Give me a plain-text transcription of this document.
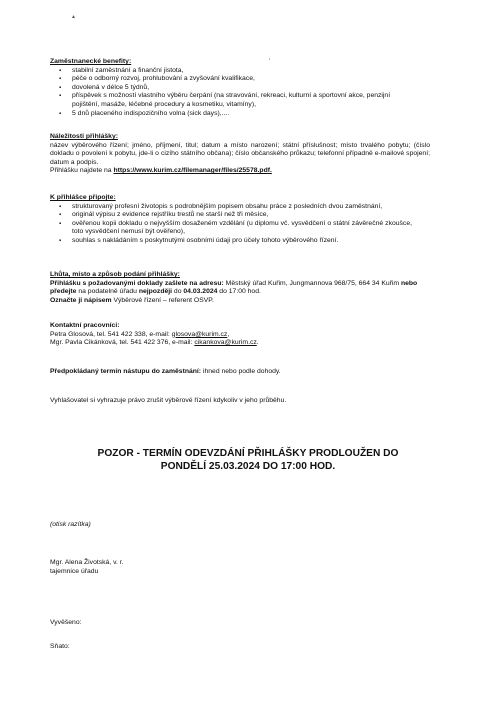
▲
Zaměstnanecké benefity:
▪ stabilní zaměstnání a finanční jistota,
▪ péče o odborný rozvoj, prohlubování a zvyšování kvalifikace,
▪ dovolená v délce 5 týdnů,
▪ příspěvek s možností vlastního výběru čerpání (na stravování, rekreaci, kulturní a sportovní akce, penzijní pojištění, masáže, léčebné procedury a kosmetiku, vitamíny),
▪ 5 dnů placeného indispozičního volna (sick days),....
Náležitosti přihlášky:
název výběrového řízení; jméno, příjmení, titul; datum a místo narození; státní příslušnost; místo trvalého pobytu; (číslo dokladu o povolení k pobytu, jde-li o cizího státního občana); číslo občanského průkazu; telefonní případně e-mailové spojení; datum a podpis.
Přihlášku najdete na https://www.kurim.cz/filemanager/files/25578.pdf.
K přihlášce připojte:
▪ strukturovaný profesní životopis s podrobnějším popisem obsahu práce z posledních dvou zaměstnání,
▪ originál výpisu z evidence rejstříku trestů ne starší než tři měsíce,
▪ ověřenou kopii dokladu o nejvyšším dosaženém vzdělání (u diplomu vč. vysvědčení o státní závěrečné zkoušce, toto vysvědčení nemusí být ověřeno),
▪ souhlas s nakládáním s poskytnutými osobními údaji pro účely tohoto výběrového řízení.
Lhůta, místo a způsob podání přihlášky:
Přihlášku s požadovanými doklady zašlete na adresu: Městský úřad Kuřim, Jungmannova 968/75, 664 34 Kuřim nebo předejte na podatelně úřadu nejpozději do 04.03.2024 do 17:00 hod.
Označte ji nápisem Výběrové řízení – referent OSVP.
Kontaktní pracovníci:
Petra Glosová, tel. 541 422 338, e-mail: glosova@kurim.cz,
Mgr. Pavla Cikánková, tel. 541 422 376, e-mail: cikankova@kurim.cz.
Předpokládaný termín nástupu do zaměstnání: ihned nebo podle dohody.
Vyhlašovatel si vyhrazuje právo zrušit výběrové řízení kdykoliv v jeho průběhu.
POZOR - TERMÍN ODEVZDÁNÍ PŘIHLÁŠKY PRODLOUŽEN DO
PONDĚLÍ 25.03.2024 DO 17:00 HOD.
(otisk razítka)
Mgr. Alena Životská, v. r.
tajemnice úřadu
Vyvěšeno:
Sňato:
